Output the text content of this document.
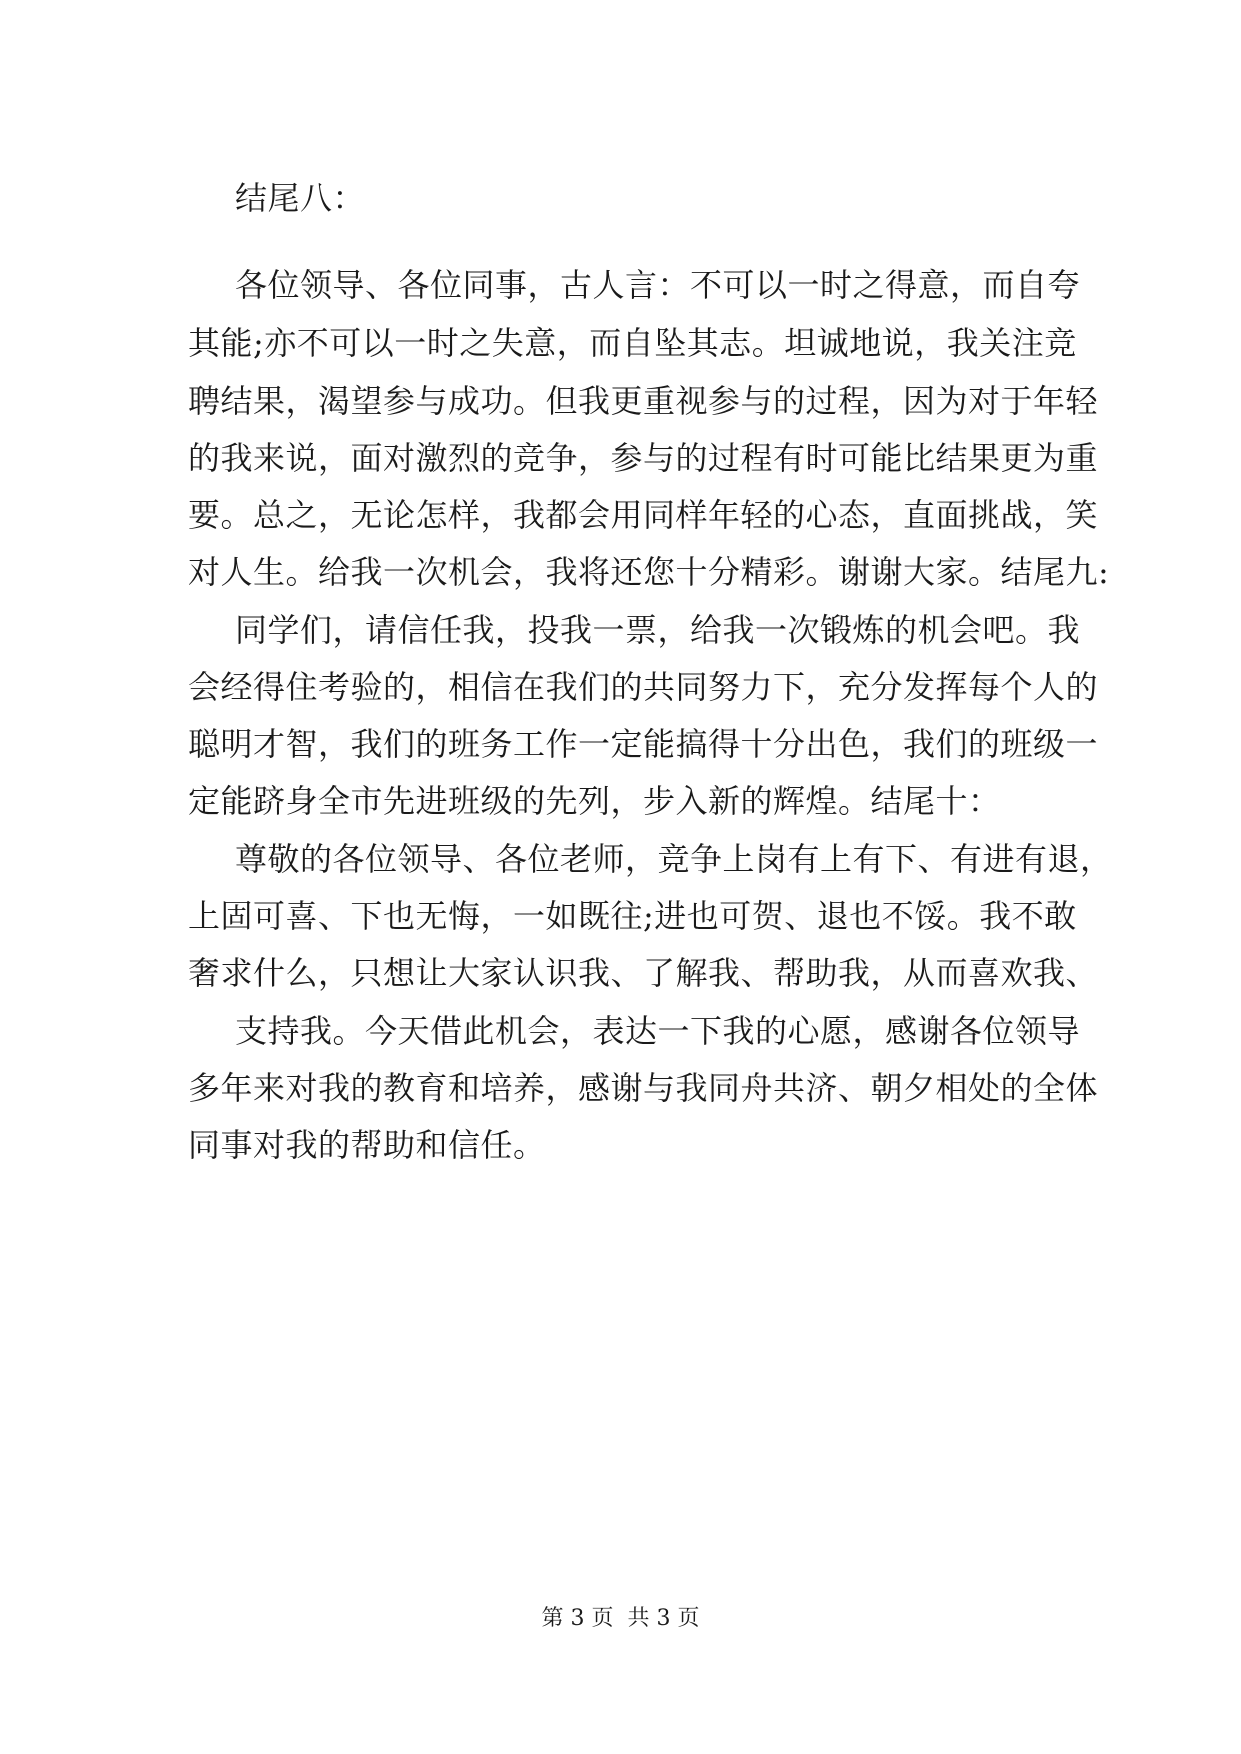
结尾八：
各位领导、各位同事，古人言：不可以一时之得意，而自夸
其能;亦不可以一时之失意，而自坠其志。坦诚地说，我关注竞
聘结果，渴望参与成功。但我更重视参与的过程，因为对于年轻
的我来说，面对激烈的竞争，参与的过程有时可能比结果更为重
要。总之，无论怎样，我都会用同样年轻的心态，直面挑战，笑
对人生。给我一次机会，我将还您十分精彩。谢谢大家。结尾九:
同学们，请信任我，投我一票，给我一次锻炼的机会吧。我
会经得住考验的，相信在我们的共同努力下，充分发挥每个人的
聪明才智，我们的班务工作一定能搞得十分出色，我们的班级一
定能跻身全市先进班级的先列，步入新的辉煌。结尾十：
尊敬的各位领导、各位老师，竞争上岗有上有下、有进有退，
上固可喜、下也无悔，一如既往;进也可贺、退也不馁。我不敢
奢求什么，只想让大家认识我、了解我、帮助我，从而喜欢我、
支持我。今天借此机会，表达一下我的心愿，感谢各位领导
多年来对我的教育和培养，感谢与我同舟共济、朝夕相处的全体
同事对我的帮助和信任。
第 3 页  共 3 页
